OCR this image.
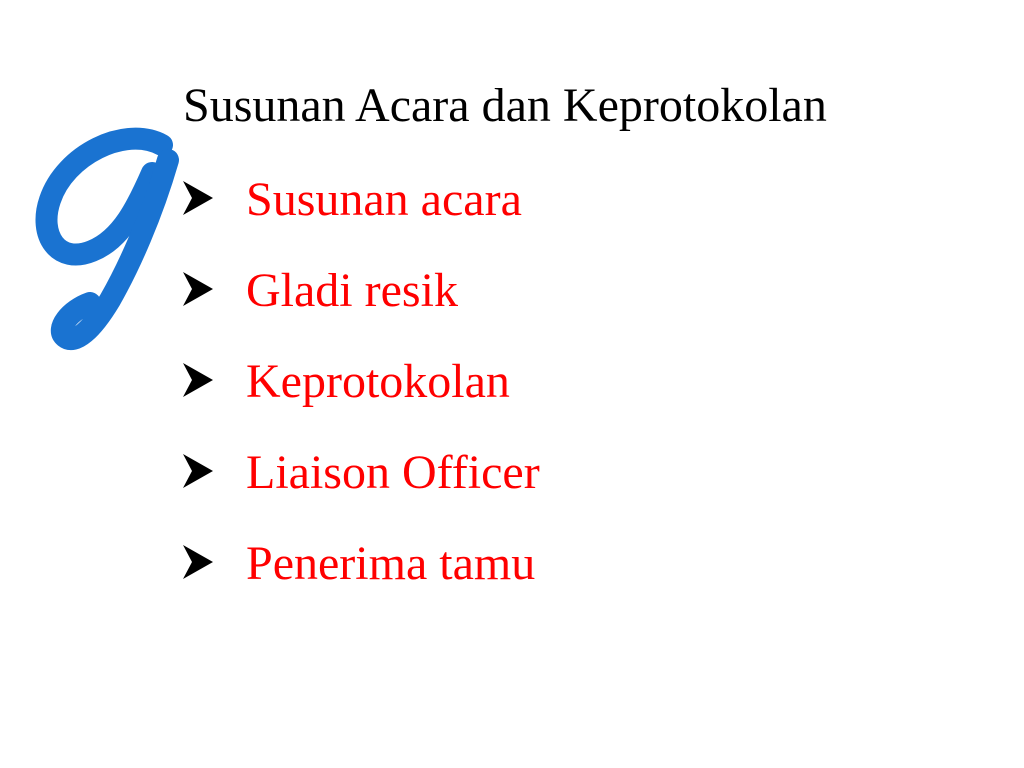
Susunan Acara dan Keprotokolan
Susunan acara
Gladi resik
Keprotokolan
Liaison Officer
Penerima tamu
